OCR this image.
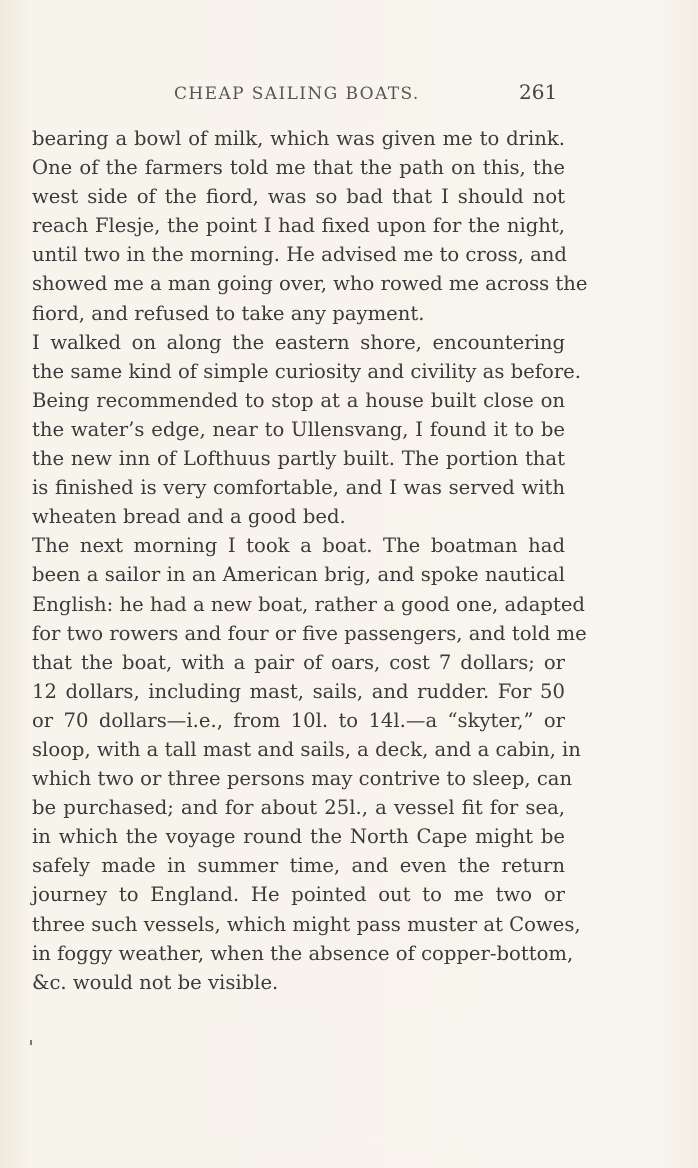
CHEAP SAILING BOATS.	261
bearing a bowl of milk, which was given me to drink.
One of the farmers told me that the path on this, the
west side of the fiord, was so bad that I should not
reach Flesje, the point I had fixed upon for the night,
until two in the morning. He advised me to cross, and
showed me a man going over, who rowed me across the
fiord, and refused to take any payment.
I walked on along the eastern shore, encountering
the same kind of simple curiosity and civility as before.
Being recommended to stop at a house built close on
the water’s edge, near to Ullensvang, I found it to be
the new inn of Lofthuus partly built. The portion that
is finished is very comfortable, and I was served with
wheaten bread and a good bed.
The next morning I took a boat. The boatman had
been a sailor in an American brig, and spoke nautical
English: he had a new boat, rather a good one, adapted
for two rowers and four or five passengers, and told me
that the boat, with a pair of oars, cost 7 dollars; or
12 dollars, including mast, sails, and rudder. For 50
or 70 dollars—i.e., from 10l. to 14l.—a “skyter,” or
sloop, with a tall mast and sails, a deck, and a cabin, in
which two or three persons may contrive to sleep, can
be purchased; and for about 25l., a vessel fit for sea,
in which the voyage round the North Cape might be
safely made in summer time, and even the return
journey to England. He pointed out to me two or
three such vessels, which might pass muster at Cowes,
in foggy weather, when the absence of copper-bottom,
&c. would not be visible.
